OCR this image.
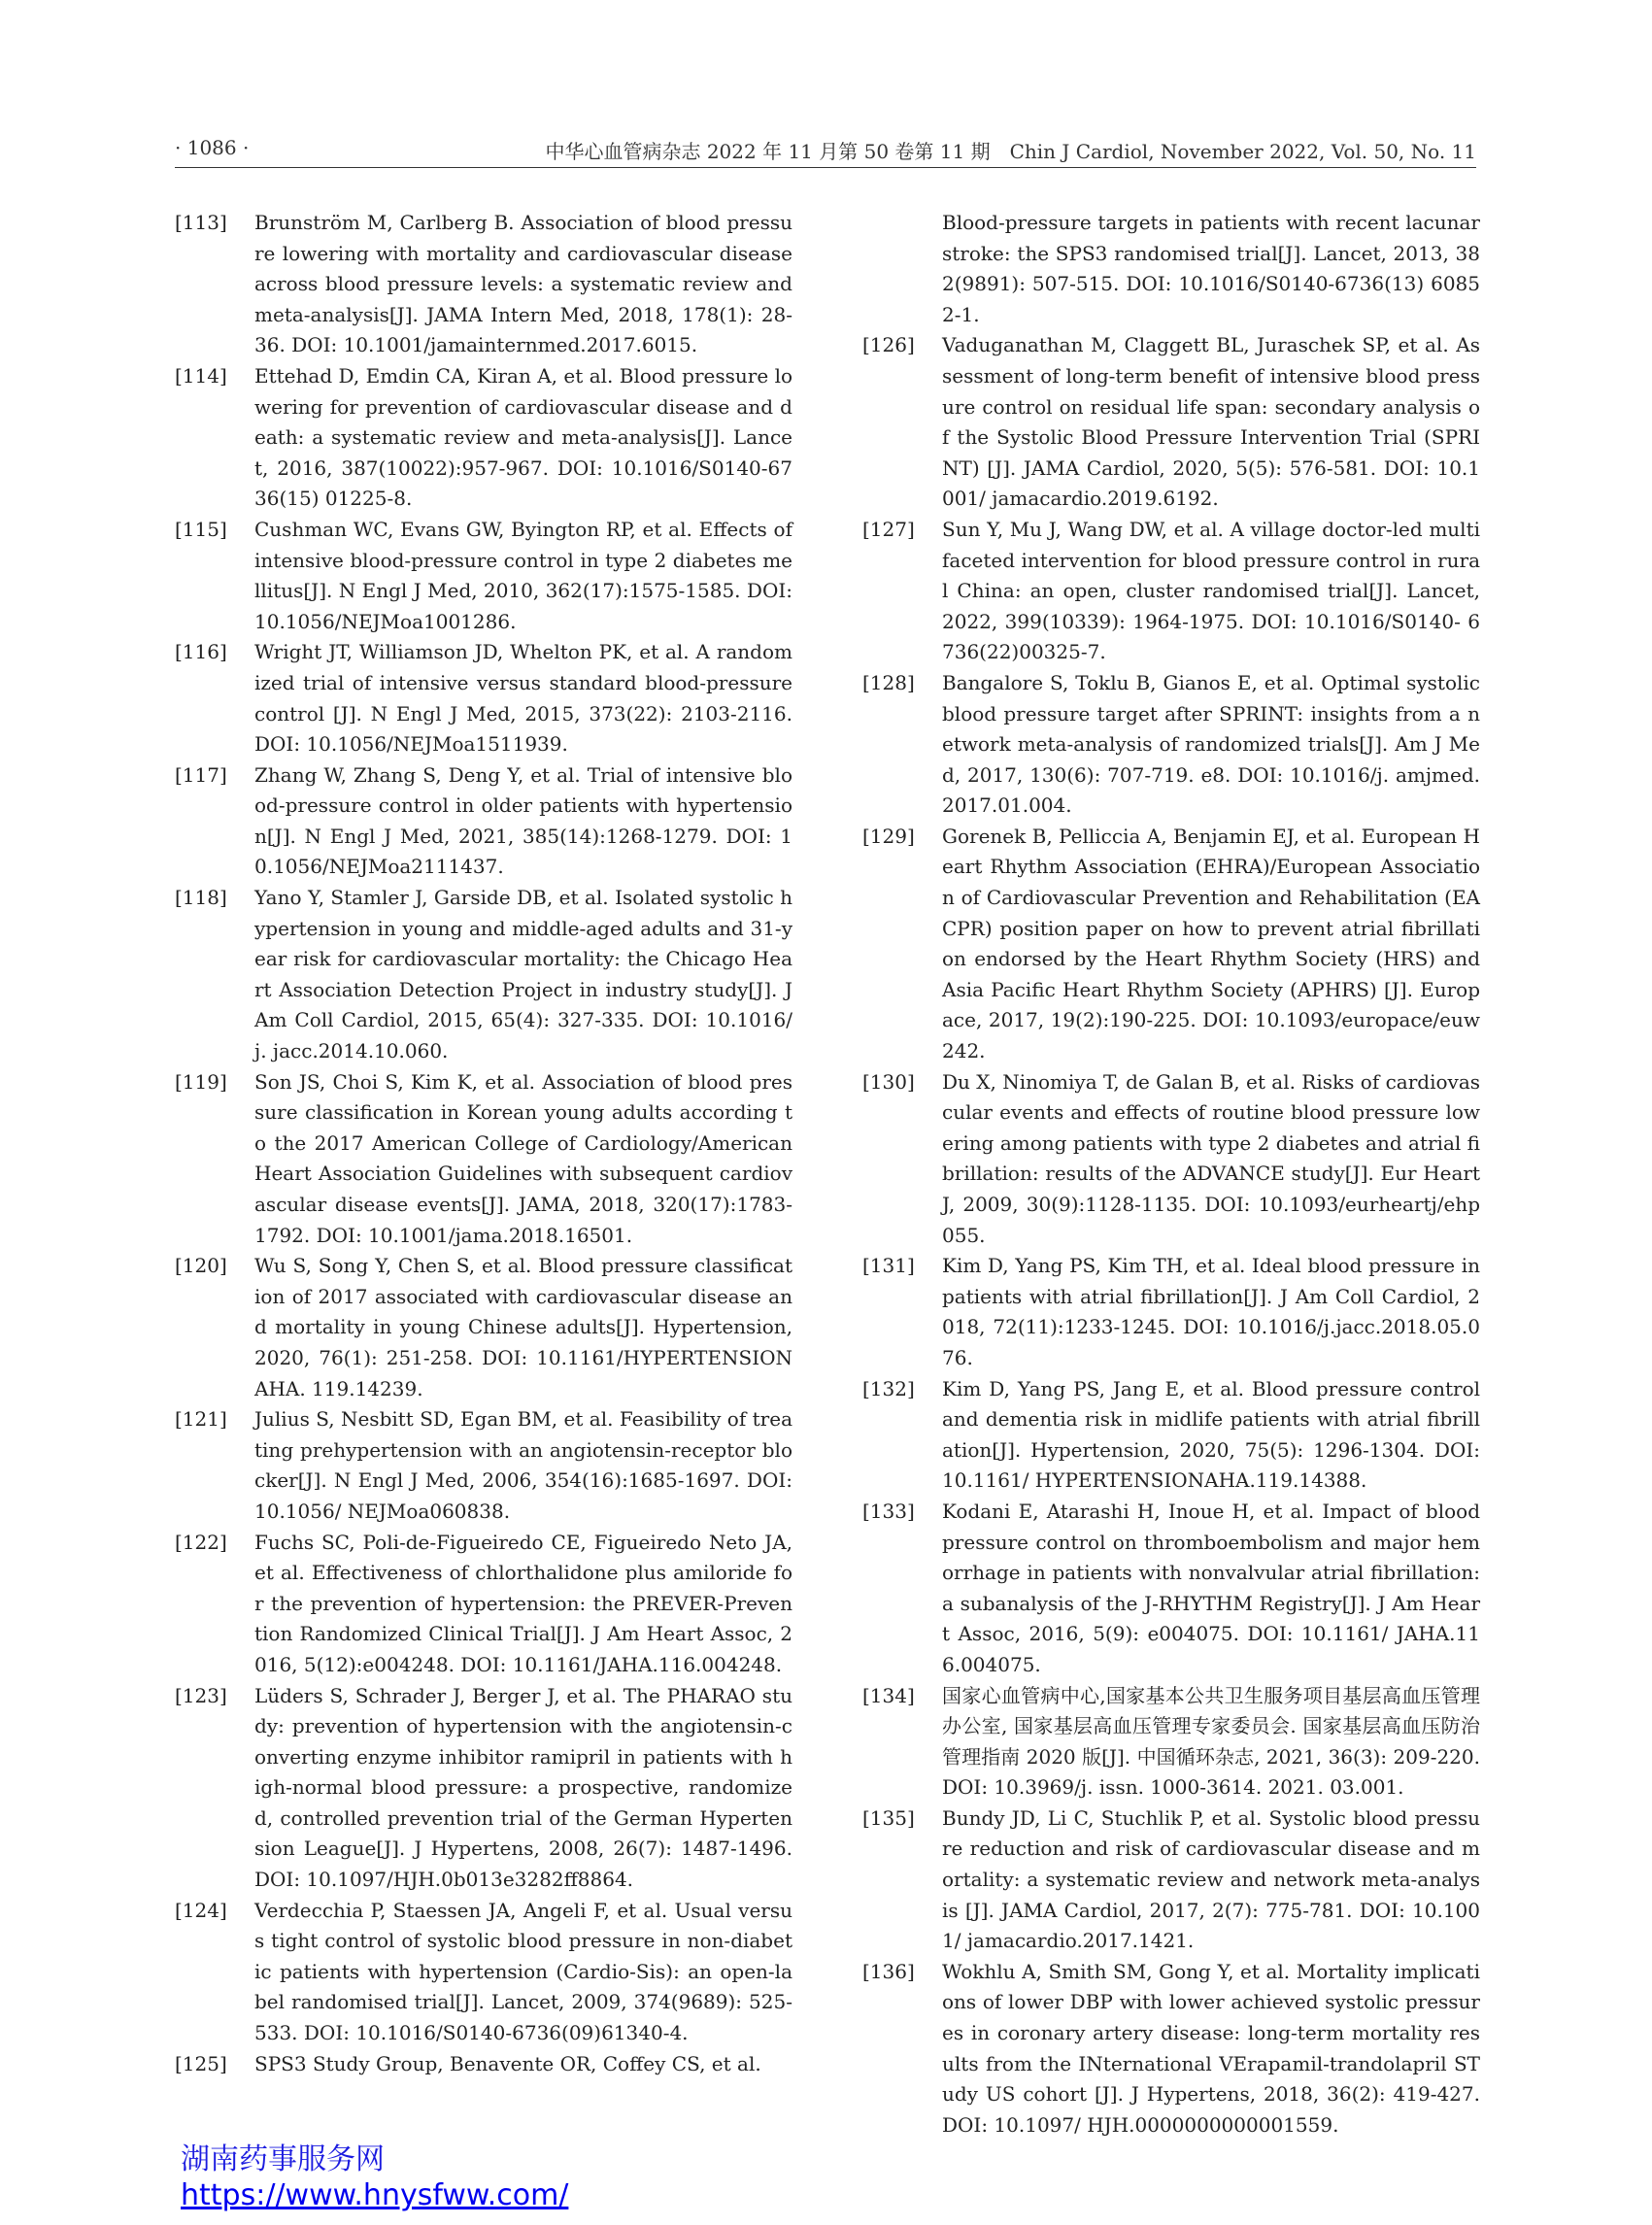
· 1086 ·	中华心血管病杂志 2022 年 11 月第 50 卷第 11 期　Chin J Cardiol, November 2022, Vol. 50, No. 11
[113] Brunström M, Carlberg B. Association of blood pressure lowering with mortality and cardiovascular disease across blood pressure levels: a systematic review and meta-analysis[J]. JAMA Intern Med, 2018, 178(1): 28-36. DOI: 10.1001/jamainternmed.2017.6015.
[114] Ettehad D, Emdin CA, Kiran A, et al. Blood pressure lowering for prevention of cardiovascular disease and death: a systematic review and meta-analysis[J]. Lancet, 2016, 387(10022):957-967. DOI: 10.1016/S0140-6736(15) 01225-8.
[115] Cushman WC, Evans GW, Byington RP, et al. Effects of intensive blood-pressure control in type 2 diabetes mellitus[J]. N Engl J Med, 2010, 362(17):1575-1585. DOI: 10.1056/NEJMoa1001286.
[116] Wright JT, Williamson JD, Whelton PK, et al. A randomized trial of intensive versus standard blood-pressure control [J]. N Engl J Med, 2015, 373(22): 2103-2116. DOI: 10.1056/NEJMoa1511939.
[117] Zhang W, Zhang S, Deng Y, et al. Trial of intensive blood-pressure control in older patients with hypertension[J]. N Engl J Med, 2021, 385(14):1268-1279. DOI: 10.1056/NEJMoa2111437.
[118] Yano Y, Stamler J, Garside DB, et al. Isolated systolic hypertension in young and middle-aged adults and 31-year risk for cardiovascular mortality: the Chicago Heart Association Detection Project in industry study[J]. J Am Coll Cardiol, 2015, 65(4): 327-335. DOI: 10.1016/j. jacc.2014.10.060.
[119] Son JS, Choi S, Kim K, et al. Association of blood pressure classification in Korean young adults according to the 2017 American College of Cardiology/American Heart Association Guidelines with subsequent cardiovascular disease events[J]. JAMA, 2018, 320(17):1783-1792. DOI: 10.1001/jama.2018.16501.
[120] Wu S, Song Y, Chen S, et al. Blood pressure classification of 2017 associated with cardiovascular disease and mortality in young Chinese adults[J]. Hypertension, 2020, 76(1): 251-258. DOI: 10.1161/HYPERTENSIONAHA. 119.14239.
[121] Julius S, Nesbitt SD, Egan BM, et al. Feasibility of treating prehypertension with an angiotensin-receptor blocker[J]. N Engl J Med, 2006, 354(16):1685-1697. DOI: 10.1056/ NEJMoa060838.
[122] Fuchs SC, Poli-de-Figueiredo CE, Figueiredo Neto JA, et al. Effectiveness of chlorthalidone plus amiloride for the prevention of hypertension: the PREVER-Prevention Randomized Clinical Trial[J]. J Am Heart Assoc, 2016, 5(12):e004248. DOI: 10.1161/JAHA.116.004248.
[123] Lüders S, Schrader J, Berger J, et al. The PHARAO study: prevention of hypertension with the angiotensin-converting enzyme inhibitor ramipril in patients with high-normal blood pressure: a prospective, randomized, controlled prevention trial of the German Hypertension League[J]. J Hypertens, 2008, 26(7): 1487-1496. DOI: 10.1097/HJH.0b013e3282ff8864.
[124] Verdecchia P, Staessen JA, Angeli F, et al. Usual versus tight control of systolic blood pressure in non-diabetic patients with hypertension (Cardio-Sis): an open-label randomised trial[J]. Lancet, 2009, 374(9689): 525-533. DOI: 10.1016/S0140-6736(09)61340-4.
[125] SPS3 Study Group, Benavente OR, Coffey CS, et al.
Blood-pressure targets in patients with recent lacunar stroke: the SPS3 randomised trial[J]. Lancet, 2013, 382(9891): 507-515. DOI: 10.1016/S0140-6736(13) 60852-1.
[126] Vaduganathan M, Claggett BL, Juraschek SP, et al. Assessment of long-term benefit of intensive blood pressure control on residual life span: secondary analysis of the Systolic Blood Pressure Intervention Trial (SPRINT) [J]. JAMA Cardiol, 2020, 5(5): 576-581. DOI: 10.1001/ jamacardio.2019.6192.
[127] Sun Y, Mu J, Wang DW, et al. A village doctor-led multifaceted intervention for blood pressure control in rural China: an open, cluster randomised trial[J]. Lancet, 2022, 399(10339): 1964-1975. DOI: 10.1016/S0140- 6736(22)00325-7.
[128] Bangalore S, Toklu B, Gianos E, et al. Optimal systolic blood pressure target after SPRINT: insights from a network meta-analysis of randomized trials[J]. Am J Med, 2017, 130(6): 707-719. e8. DOI: 10.1016/j. amjmed. 2017.01.004.
[129] Gorenek B, Pelliccia A, Benjamin EJ, et al. European Heart Rhythm Association (EHRA)/European Association of Cardiovascular Prevention and Rehabilitation (EACPR) position paper on how to prevent atrial fibrillation endorsed by the Heart Rhythm Society (HRS) and Asia Pacific Heart Rhythm Society (APHRS) [J]. Europace, 2017, 19(2):190-225. DOI: 10.1093/europace/euw242.
[130] Du X, Ninomiya T, de Galan B, et al. Risks of cardiovascular events and effects of routine blood pressure lowering among patients with type 2 diabetes and atrial fibrillation: results of the ADVANCE study[J]. Eur Heart J, 2009, 30(9):1128-1135. DOI: 10.1093/eurheartj/ehp055.
[131] Kim D, Yang PS, Kim TH, et al. Ideal blood pressure in patients with atrial fibrillation[J]. J Am Coll Cardiol, 2018, 72(11):1233-1245. DOI: 10.1016/j.jacc.2018.05.076.
[132] Kim D, Yang PS, Jang E, et al. Blood pressure control and dementia risk in midlife patients with atrial fibrillation[J]. Hypertension, 2020, 75(5): 1296-1304. DOI: 10.1161/ HYPERTENSIONAHA.119.14388.
[133] Kodani E, Atarashi H, Inoue H, et al. Impact of blood pressure control on thromboembolism and major hemorrhage in patients with nonvalvular atrial fibrillation: a subanalysis of the J-RHYTHM Registry[J]. J Am Heart Assoc, 2016, 5(9): e004075. DOI: 10.1161/ JAHA.116.004075.
[134] 国家心血管病中心,国家基本公共卫生服务项目基层高血压管理办公室, 国家基层高血压管理专家委员会. 国家基层高血压防治管理指南 2020 版[J]. 中国循环杂志, 2021, 36(3): 209-220. DOI: 10.3969/j. issn. 1000-3614. 2021. 03.001.
[135] Bundy JD, Li C, Stuchlik P, et al. Systolic blood pressure reduction and risk of cardiovascular disease and mortality: a systematic review and network meta-analysis [J]. JAMA Cardiol, 2017, 2(7): 775-781. DOI: 10.1001/ jamacardio.2017.1421.
[136] Wokhlu A, Smith SM, Gong Y, et al. Mortality implications of lower DBP with lower achieved systolic pressures in coronary artery disease: long-term mortality results from the INternational VErapamil-trandolapril STudy US cohort [J]. J Hypertens, 2018, 36(2): 419-427. DOI: 10.1097/ HJH.0000000000001559.
湖南药事服务网
https://www.hnysfww.com/
